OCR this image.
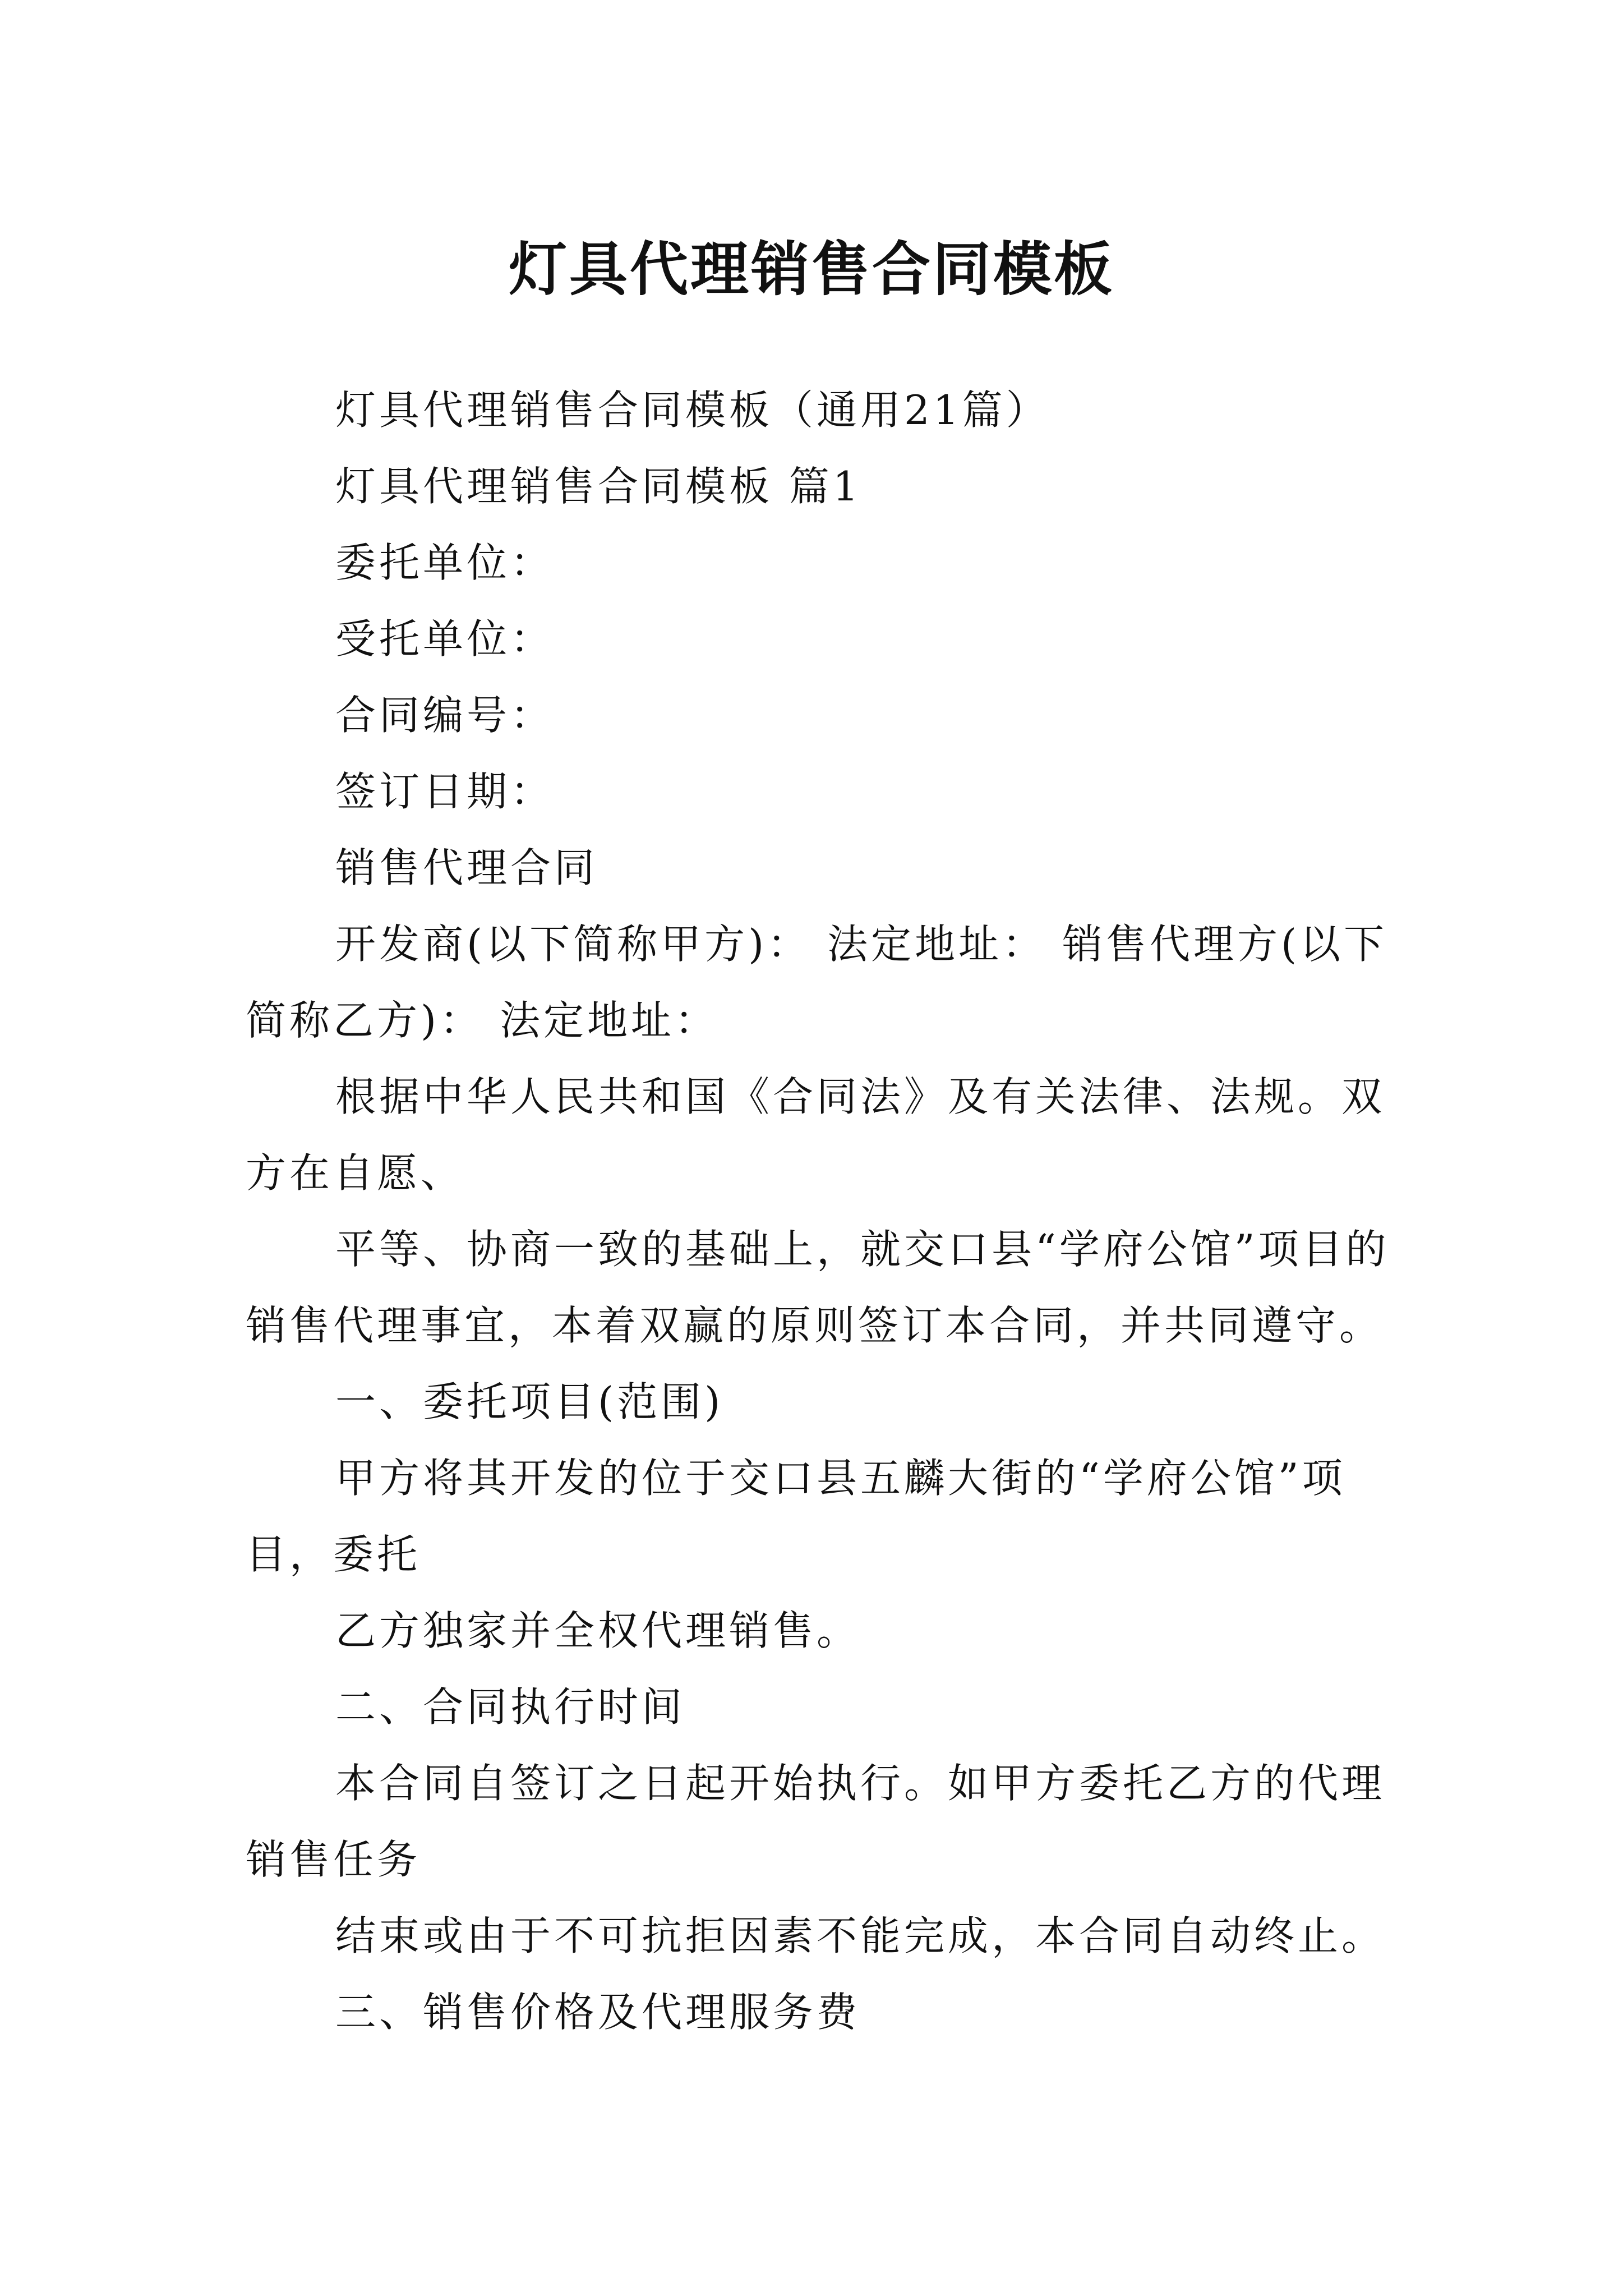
灯具代理销售合同模板

灯具代理销售合同模板（通用21篇）

灯具代理销售合同模板 篇1

委托单位：

受托单位：

合同编号：

签订日期：

销售代理合同

开发商(以下简称甲方)： 法定地址： 销售代理方(以下简称乙方)： 法定地址：

根据中华人民共和国《合同法》及有关法律、法规。双方在自愿、

平等、协商一致的基础上，就交口县“学府公馆”项目的销售代理事宜，本着双赢的原则签订本合同，并共同遵守。

一、委托项目(范围)

甲方将其开发的位于交口县五麟大街的“学府公馆”项目，委托

乙方独家并全权代理销售。

二、合同执行时间

本合同自签订之日起开始执行。如甲方委托乙方的代理销售任务

结束或由于不可抗拒因素不能完成，本合同自动终止。

三、销售价格及代理服务费
